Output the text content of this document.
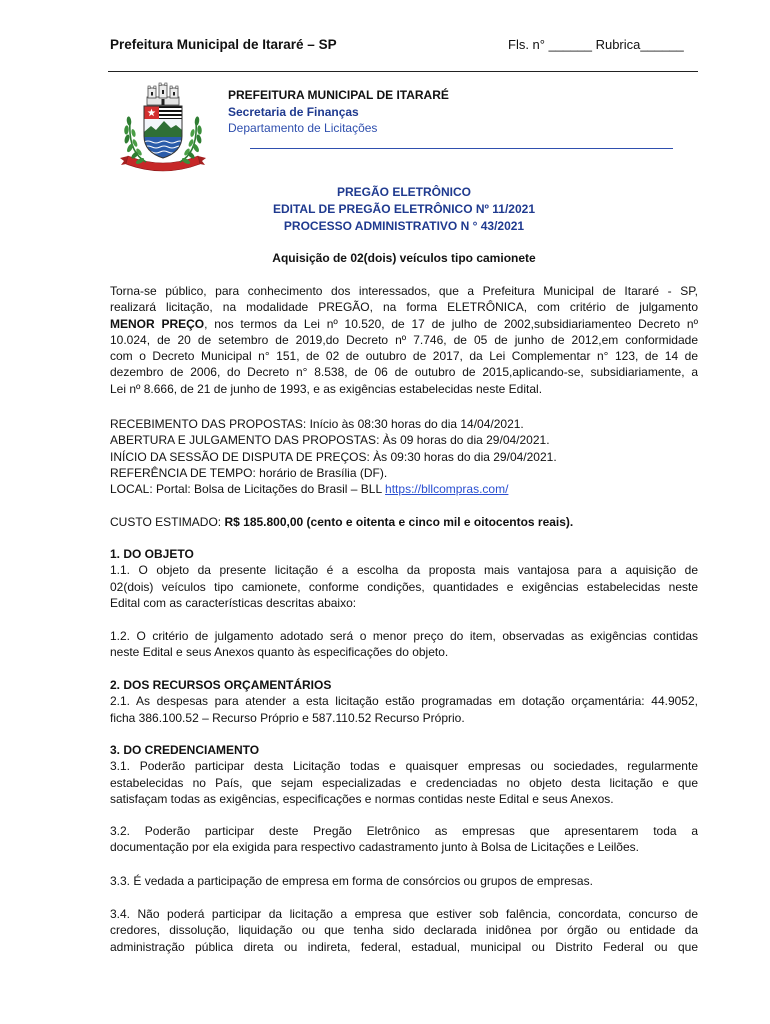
Prefeitura Municipal de Itararé – SP	Fls. n° ______ Rubrica______
PREFEITURA MUNICIPAL DE ITARARÉ
Secretaria de Finanças
Departamento de Licitações
PREGÃO ELETRÔNICO
EDITAL DE PREGÃO ELETRÔNICO Nº 11/2021
PROCESSO ADMINISTRATIVO N ° 43/2021
Aquisição de 02(dois) veículos tipo camionete
Torna-se público, para conhecimento dos interessados, que a Prefeitura Municipal de Itararé - SP,
realizará licitação, na modalidade PREGÃO, na forma ELETRÔNICA, com critério de julgamento
MENOR PREÇO, nos termos da Lei nº 10.520, de 17 de julho de 2002,subsidiariamenteo Decreto nº
10.024, de 20 de setembro de 2019,do Decreto nº 7.746, de 05 de junho de 2012,em conformidade
com o Decreto Municipal n° 151, de 02 de outubro de 2017, da Lei Complementar n° 123, de 14 de
dezembro de 2006, do Decreto n° 8.538, de 06 de outubro de 2015,aplicando-se, subsidiariamente, a
Lei nº 8.666, de 21 de junho de 1993, e as exigências estabelecidas neste Edital.
RECEBIMENTO DAS PROPOSTAS: Início às 08:30 horas do dia 14/04/2021.
ABERTURA E JULGAMENTO DAS PROPOSTAS: Às 09 horas do dia 29/04/2021.
INÍCIO DA SESSÃO DE DISPUTA DE PREÇOS: Às 09:30 horas do dia 29/04/2021.
REFERÊNCIA DE TEMPO: horário de Brasília (DF).
LOCAL: Portal: Bolsa de Licitações do Brasil – BLL https://bllcompras.com/
CUSTO ESTIMADO: R$ 185.800,00 (cento e oitenta e cinco mil e oitocentos reais).
1. DO OBJETO
1.1. O objeto da presente licitação é a escolha da proposta mais vantajosa para a aquisição de
02(dois) veículos tipo camionete, conforme condições, quantidades e exigências estabelecidas neste
Edital com as características descritas abaixo:
1.2. O critério de julgamento adotado será o menor preço do item, observadas as exigências contidas
neste Edital e seus Anexos quanto às especificações do objeto.
2. DOS RECURSOS ORÇAMENTÁRIOS
2.1. As despesas para atender a esta licitação estão programadas em dotação orçamentária: 44.9052,
ficha 386.100.52 – Recurso Próprio e 587.110.52 Recurso Próprio.
3. DO CREDENCIAMENTO
3.1. Poderão participar desta Licitação todas e quaisquer empresas ou sociedades, regularmente
estabelecidas no País, que sejam especializadas e credenciadas no objeto desta licitação e que
satisfaçam todas as exigências, especificações e normas contidas neste Edital e seus Anexos.
3.2. Poderão participar deste Pregão Eletrônico as empresas que apresentarem toda a
documentação por ela exigida para respectivo cadastramento junto à Bolsa de Licitações e Leilões.
3.3. É vedada a participação de empresa em forma de consórcios ou grupos de empresas.
3.4. Não poderá participar da licitação a empresa que estiver sob falência, concordata, concurso de
credores, dissolução, liquidação ou que tenha sido declarada inidônea por órgão ou entidade da
administração pública direta ou indireta, federal, estadual, municipal ou Distrito Federal ou que
